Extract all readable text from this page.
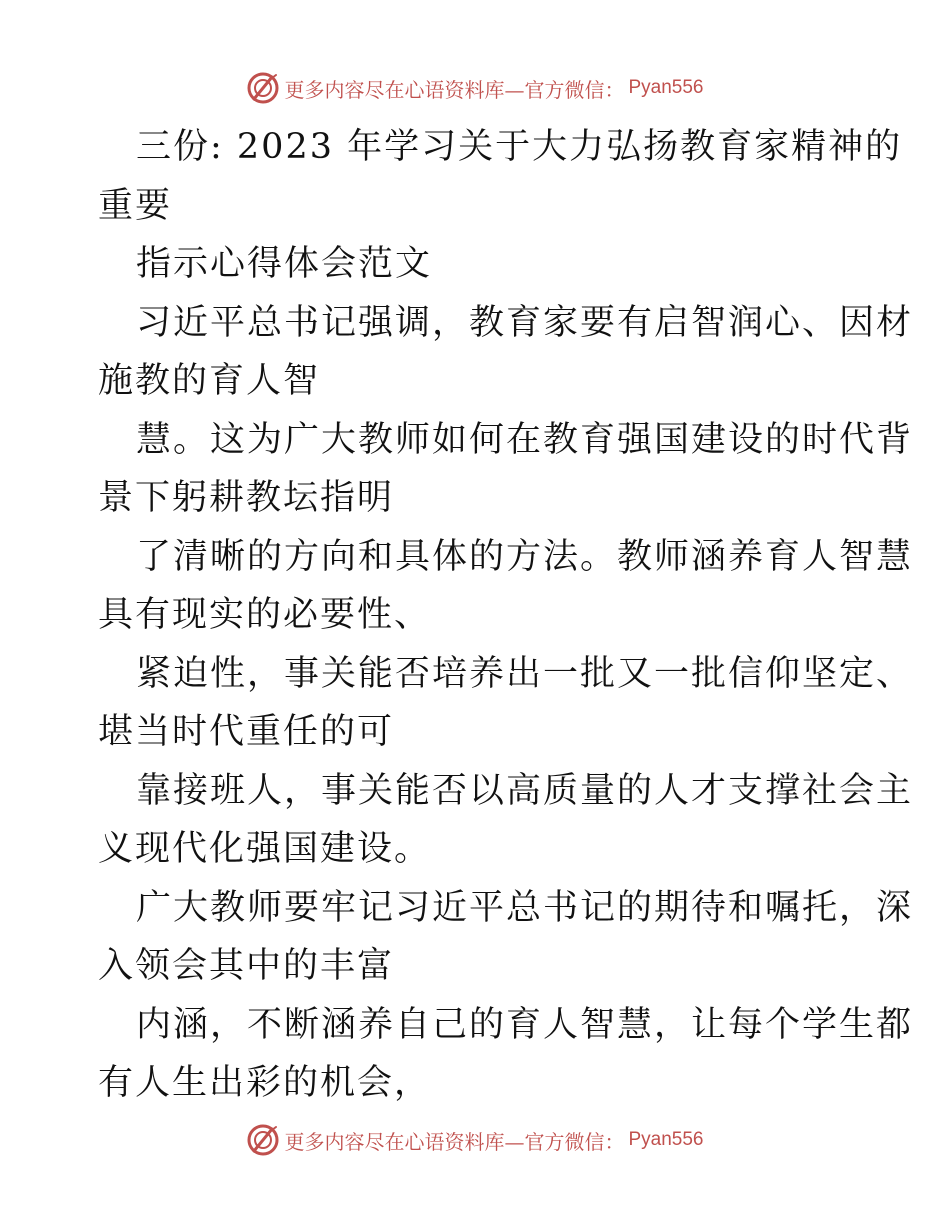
更多内容尽在心语资料库—官方微信： Pyan556
三份: 2023 年学习关于大力弘扬教育家精神的
重要
指示心得体会范文
习近平总书记强调，教育家要有启智润心、因材
施教的育人智
慧。这为广大教师如何在教育强国建设的时代背
景下躬耕教坛指明
了清晰的方向和具体的方法。教师涵养育人智慧
具有现实的必要性、
紧迫性，事关能否培养出一批又一批信仰坚定、
堪当时代重任的可
靠接班人，事关能否以高质量的人才支撑社会主
义现代化强国建设。
广大教师要牢记习近平总书记的期待和嘱托，深
入领会其中的丰富
内涵，不断涵养自己的育人智慧，让每个学生都
有人生出彩的机会，
更多内容尽在心语资料库—官方微信： Pyan556
